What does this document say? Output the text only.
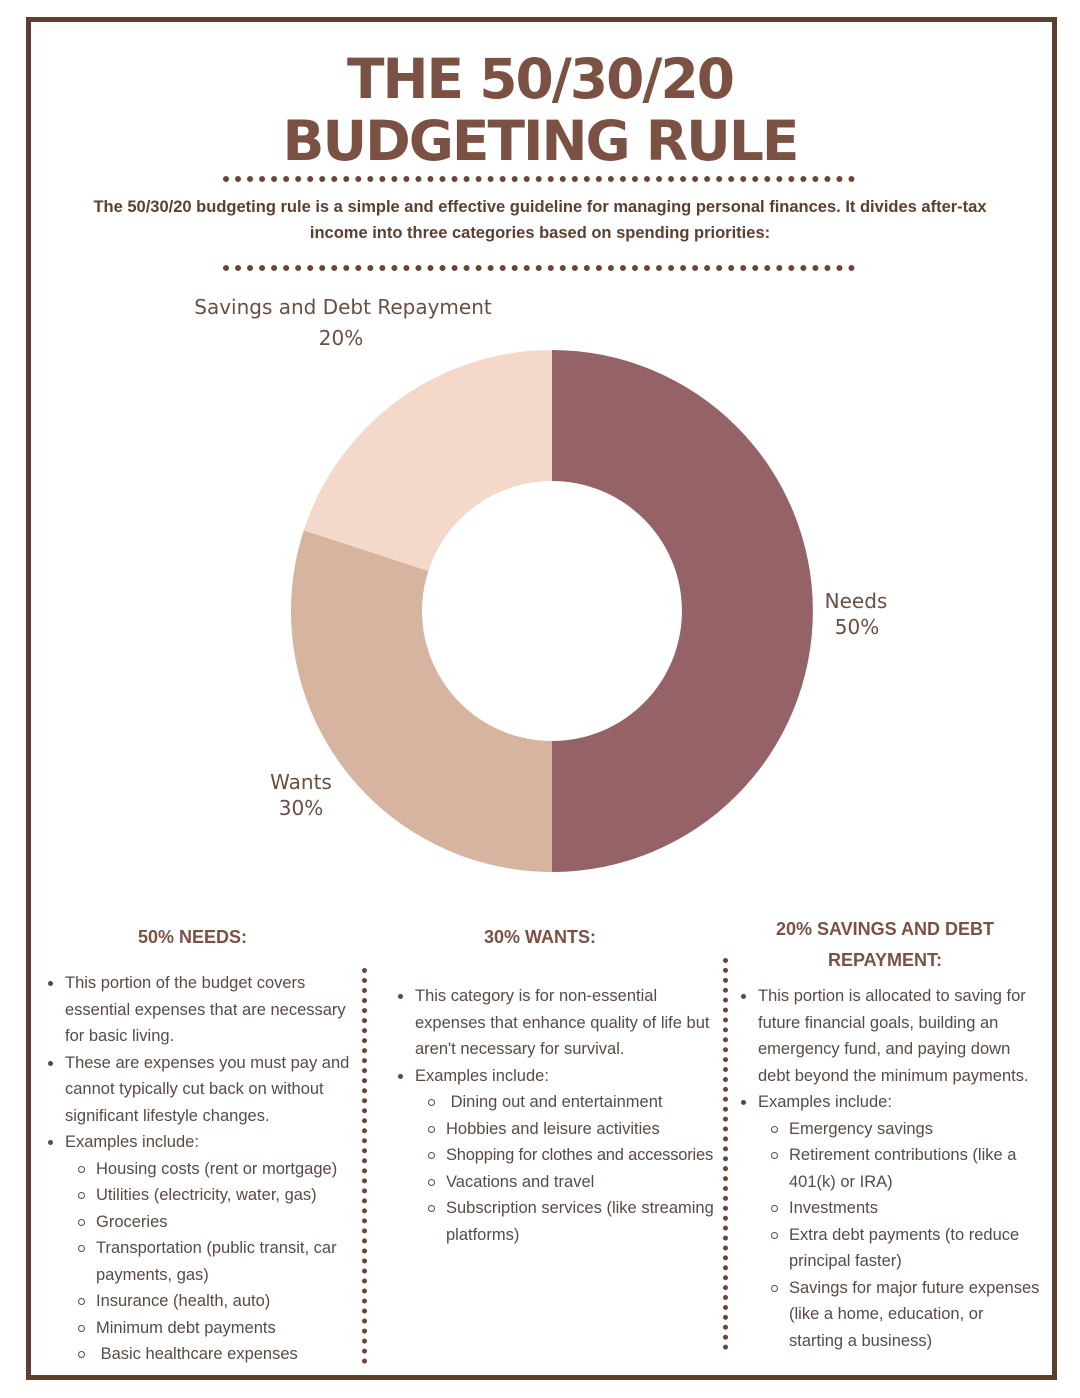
THE 50/30/20
BUDGETING RULE
The 50/30/20 budgeting rule is a simple and effective guideline for managing personal finances. It divides after-tax income into three categories based on spending priorities:
Savings and Debt Repayment
20%
Needs
50%
Wants
30%
50% NEEDS:	30% WANTS:	20% SAVINGS AND DEBT REPAYMENT:
This portion of the budget covers essential expenses that are necessary for basic living.
These are expenses you must pay and cannot typically cut back on without significant lifestyle changes.
Examples include:
Housing costs (rent or mortgage)
Utilities (electricity, water, gas)
Groceries
Transportation (public transit, car payments, gas)
Insurance (health, auto)
Minimum debt payments
Basic healthcare expenses
This category is for non-essential expenses that enhance quality of life but aren't necessary for survival.
Examples include:
Dining out and entertainment
Hobbies and leisure activities
Shopping for clothes and accessories
Vacations and travel
Subscription services (like streaming platforms)
This portion is allocated to saving for future financial goals, building an emergency fund, and paying down debt beyond the minimum payments.
Examples include:
Emergency savings
Retirement contributions (like a 401(k) or IRA)
Investments
Extra debt payments (to reduce principal faster)
Savings for major future expenses (like a home, education, or starting a business)
